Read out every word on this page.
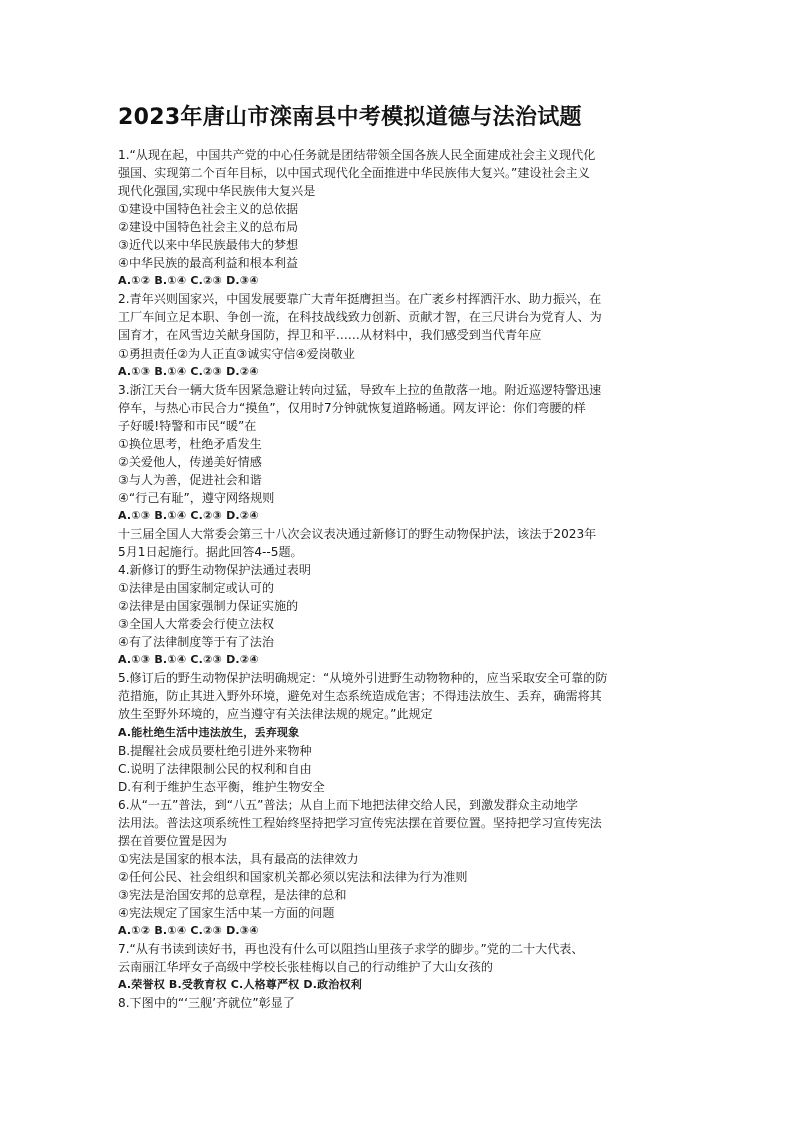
2023年唐山市滦南县中考模拟道德与法治试题
1.“从现在起，中国共产党的中心任务就是团结带领全国各族人民全面建成社会主义现代化
强国、实现第二个百年目标，以中国式现代化全面推进中华民族伟大复兴。”建设社会主义
现代化强国,实现中华民族伟大复兴是
①建设中国特色社会主义的总依据
②建设中国特色社会主义的总布局
③近代以来中华民族最伟大的梦想
④中华民族的最高利益和根本利益
A.①② B.①④ C.②③ D.③④
2.青年兴则国家兴，中国发展要靠广大青年挺膺担当。在广袤乡村挥洒汗水、助力振兴，在
工厂车间立足本职、争创一流，在科技战线致力创新、贡献才智，在三尺讲台为党育人、为
国育才，在风雪边关献身国防，捍卫和平……从材料中，我们感受到当代青年应
①勇担责任②为人正直③诚实守信④爱岗敬业
A.①③ B.①④ C.②③ D.②④
3.浙江天台一辆大货车因紧急避让转向过猛，导致车上拉的鱼散落一地。附近巡逻特警迅速
停车，与热心市民合力“摸鱼”，仅用时7分钟就恢复道路畅通。网友评论：你们弯腰的样
子好暖!特警和市民“暖”在
①换位思考，杜绝矛盾发生
②关爱他人，传递美好情感
③与人为善，促进社会和谐
④“行己有耻”，遵守网络规则
A.①③ B.①④ C.②③ D.②④
十三届全国人大常委会第三十八次会议表决通过新修订的野生动物保护法，该法于2023年
5月1日起施行。据此回答4--5题。
4.新修订的野生动物保护法通过表明
①法律是由国家制定或认可的
②法律是由国家强制力保证实施的
③全国人大常委会行使立法权
④有了法律制度等于有了法治
A.①③ B.①④ C.②③ D.②④
5.修订后的野生动物保护法明确规定：“从境外引进野生动物物种的，应当采取安全可靠的防
范措施，防止其进入野外环境，避免对生态系统造成危害；不得违法放生、丢弃，确需将其
放生至野外环境的，应当遵守有关法律法规的规定。”此规定
A.能杜绝生活中违法放生，丢弃现象
B.提醒社会成员要杜绝引进外来物种
C.说明了法律限制公民的权利和自由
D.有利于维护生态平衡，维护生物安全
6.从“一五”普法，到“八五”普法；从自上而下地把法律交给人民，到激发群众主动地学
法用法。普法这项系统性工程始终坚持把学习宣传宪法摆在首要位置。坚持把学习宣传宪法
摆在首要位置是因为
①宪法是国家的根本法，具有最高的法律效力
②任何公民、社会组织和国家机关都必须以宪法和法律为行为准则
③宪法是治国安邦的总章程，是法律的总和
④宪法规定了国家生活中某一方面的问题
A.①② B.①④ C.②③ D.③④
7.“从有书读到读好书，再也没有什么可以阻挡山里孩子求学的脚步。”党的二十大代表、
云南丽江华坪女子高级中学校长张桂梅以自己的行动维护了大山女孩的
A.荣誉权 B.受教育权 C.人格尊严权 D.政治权利
8.下图中的“‘三舰’齐就位”彰显了
